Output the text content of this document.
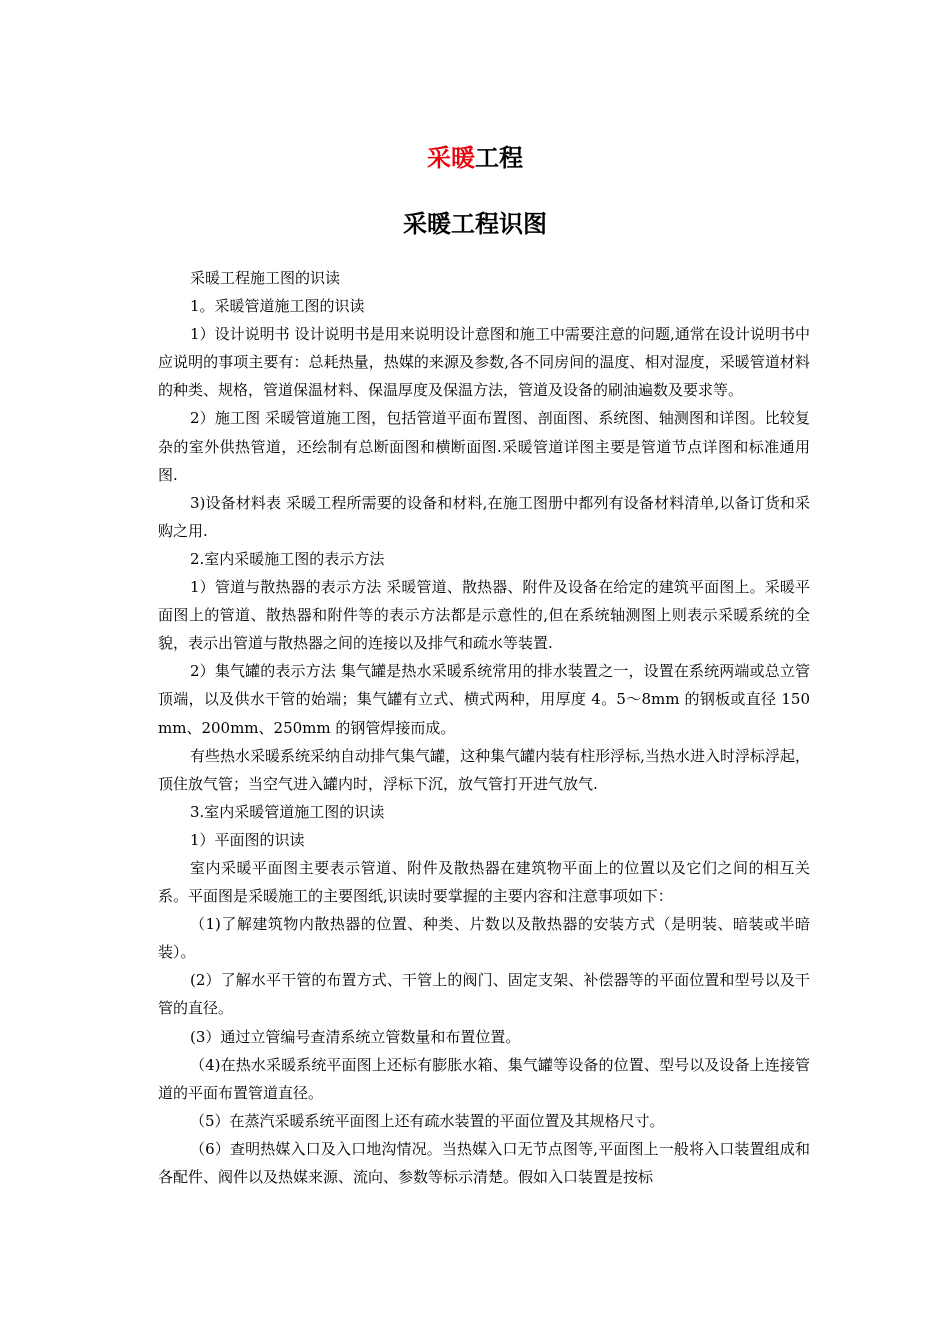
采暖工程
采暖工程识图

采暖工程施工图的识读

1。采暖管道施工图的识读

1）设计说明书 设计说明书是用来说明设计意图和施工中需要注意的问题,通常在设计说明书中应说明的事项主要有：总耗热量，热媒的来源及参数,各不同房间的温度、相对湿度，采暖管道材料的种类、规格，管道保温材料、保温厚度及保温方法，管道及设备的刷油遍数及要求等。

2）施工图 采暖管道施工图，包括管道平面布置图、剖面图、系统图、轴测图和详图。比较复杂的室外供热管道，还绘制有总断面图和横断面图.采暖管道详图主要是管道节点详图和标准通用图.

3)设备材料表 采暖工程所需要的设备和材料,在施工图册中都列有设备材料清单,以备订货和采购之用.

2.室内采暖施工图的表示方法

1）管道与散热器的表示方法 采暖管道、散热器、附件及设备在给定的建筑平面图上。采暖平面图上的管道、散热器和附件等的表示方法都是示意性的,但在系统轴测图上则表示采暖系统的全貌，表示出管道与散热器之间的连接以及排气和疏水等装置.

2）集气罐的表示方法 集气罐是热水采暖系统常用的排水装置之一，设置在系统两端或总立管顶端，以及供水干管的始端；集气罐有立式、横式两种，用厚度 4。5～8mm 的钢板或直径 150mm、200mm、250mm 的钢管焊接而成。

有些热水采暖系统采纳自动排气集气罐，这种集气罐内装有柱形浮标,当热水进入时浮标浮起，顶住放气管；当空气进入罐内时，浮标下沉，放气管打开进气放气.

3.室内采暖管道施工图的识读

1）平面图的识读

室内采暖平面图主要表示管道、附件及散热器在建筑物平面上的位置以及它们之间的相互关系。平面图是采暖施工的主要图纸,识读时要掌握的主要内容和注意事项如下：

（1)了解建筑物内散热器的位置、种类、片数以及散热器的安装方式（是明装、暗装或半暗装）。

(2）了解水平干管的布置方式、干管上的阀门、固定支架、补偿器等的平面位置和型号以及干管的直径。

(3）通过立管编号查清系统立管数量和布置位置。

（4)在热水采暖系统平面图上还标有膨胀水箱、集气罐等设备的位置、型号以及设备上连接管道的平面布置管道直径。

（5）在蒸汽采暖系统平面图上还有疏水装置的平面位置及其规格尺寸。

（6）查明热媒入口及入口地沟情况。当热媒入口无节点图等,平面图上一般将入口装置组成和各配件、阀件以及热媒来源、流向、参数等标示清楚。假如入口装置是按标
